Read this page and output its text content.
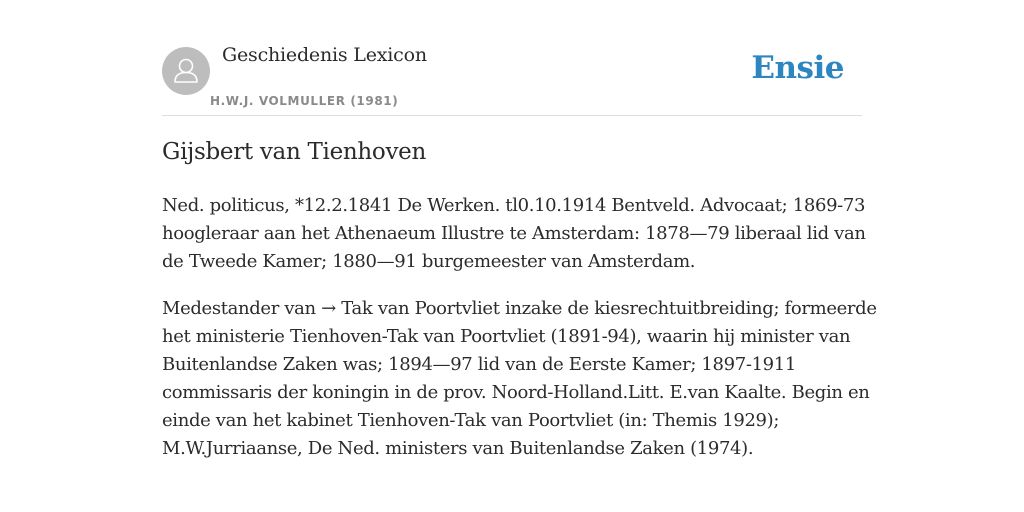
Geschiedenis Lexicon
H.W.J. VOLMULLER (1981)
Ensie
Gijsbert van Tienhoven
Ned. politicus, *12.2.1841 De Werken. tl0.10.1914 Bentveld. Advocaat; 1869-73
hoogleraar aan het Athenaeum Illustre te Amsterdam: 1878—79 liberaal lid van
de Tweede Kamer; 1880—91 burgemeester van Amsterdam.
Medestander van → Tak van Poortvliet inzake de kiesrechtuitbreiding; formeerde
het ministerie Tienhoven-Tak van Poortvliet (1891-94), waarin hij minister van
Buitenlandse Zaken was; 1894—97 lid van de Eerste Kamer; 1897-1911
commissaris der koningin in de prov. Noord-Holland.Litt. E.van Kaalte. Begin en
einde van het kabinet Tienhoven-Tak van Poortvliet (in: Themis 1929);
M.W.Jurriaanse, De Ned. ministers van Buitenlandse Zaken (1974).
